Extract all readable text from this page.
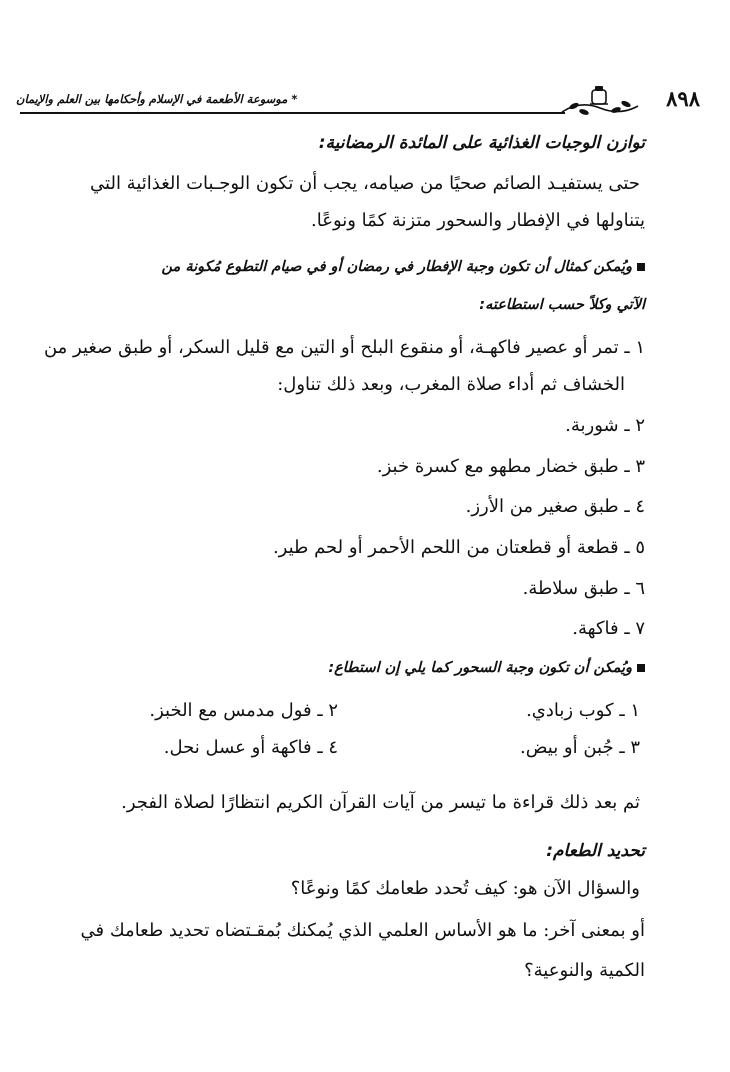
٨٩٨
* موسوعة الأطعمة في الإسلام وأحكامها بين العلم والإيمان
توازن الوجبات الغذائية على المائدة الرمضانية:
حتى يستفيـد الصائم صحيًا من صيامه، يجب أن تكون الوجـبات الغذائية التي
يتناولها في الإفطار والسحور متزنة كمًا ونوعًا.
ويُمكن كمثال أن تكون وجبة الإفطار في رمضان أو في صيام التطوع مُكونة من
الآتي وكلاً حسب استطاعته:
١ ـ تمر أو عصير فاكهـة، أو منقوع البلح أو التين مع قليل السكر، أو طبق صغير من
الخشاف ثم أداء صلاة المغرب، وبعد ذلك تناول:
٢ ـ شوربة.
٣ ـ طبق خضار مطهو مع كسرة خبز.
٤ ـ طبق صغير من الأرز.
٥ ـ قطعة أو قطعتان من اللحم الأحمر أو لحم طير.
٦ ـ طبق سلاطة.
٧ ـ فاكهة.
ويُمكن أن تكون وجبة السحور كما يلي إن استطاع:
١ ـ كوب زبادي.
٢ ـ فول مدمس مع الخبز.
٣ ـ جُبن أو بيض.
٤ ـ فاكهة أو عسل نحل.
ثم بعد ذلك قراءة ما تيسر من آيات القرآن الكريم انتظارًا لصلاة الفجر.
تحديد الطعام:
والسؤال الآن هو: كيف تُحدد طعامك كمًا ونوعًا؟
أو بمعنى آخر: ما هو الأساس العلمي الذي يُمكنك بُمقـتضاه تحديد طعامك في
الكمية والنوعية؟
